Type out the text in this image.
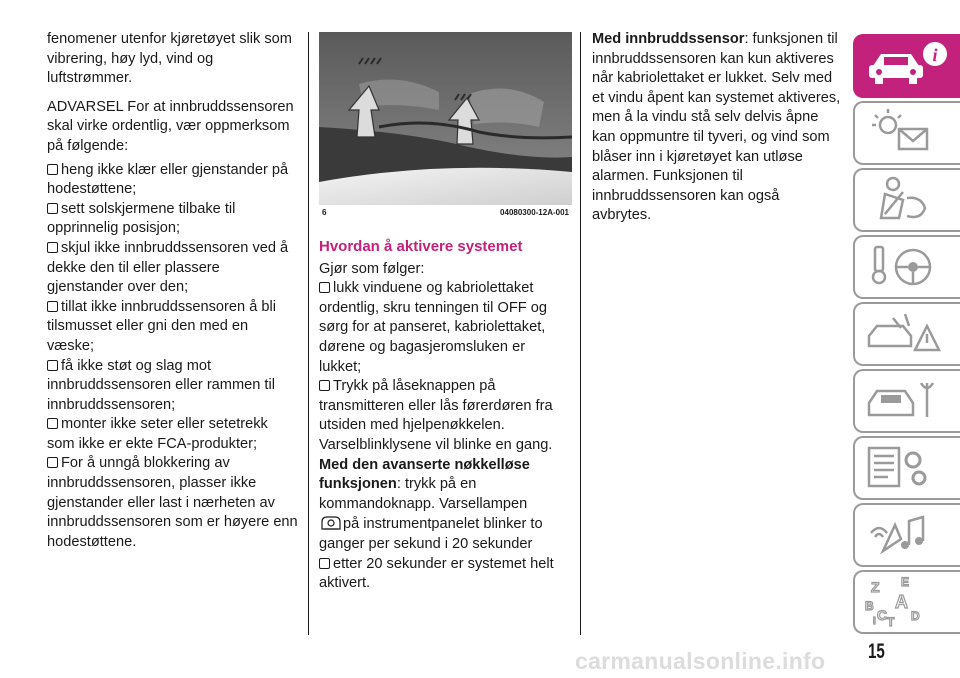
fenomener utenfor kjøretøyet slik som vibrering, høy lyd, vind og luftstrømmer.

ADVARSEL For at innbruddssensoren skal virke ordentlig, vær oppmerksom på følgende:

heng ikke klær eller gjenstander på hodestøttene;
sett solskjermene tilbake til opprinnelig posisjon;
skjul ikke innbruddssensoren ved å dekke den til eller plassere gjenstander over den;
tillat ikke innbruddssensoren å bli tilsmusset eller gni den med en væske;
få ikke støt og slag mot innbruddssensoren eller rammen til innbruddssensoren;
monter ikke seter eller setetrekk som ikke er ekte FCA-produkter;
For å unngå blokkering av innbruddssensoren, plasser ikke gjenstander eller last i nærheten av innbruddssensoren som er høyere enn hodestøttene.
6	04080300-12A-001
Hvordan å aktivere systemet
Gjør som følger:
lukk vinduene og kabriolettaket ordentlig, skru tenningen til OFF og sørg for at panseret, kabriolettaket, dørene og bagasjeromsluken er lukket;
Trykk på låseknappen på transmitteren eller lås førerdøren fra utsiden med hjelpenøkkelen.
Varselblinklysene vil blinke en gang.
Med den avanserte nøkkelløse funksjonen: trykk på en kommandoknapp. Varsellampen
på instrumentpanelet blinker to ganger per sekund i 20 sekunder
etter 20 sekunder er systemet helt aktivert.

Med innbruddssensor: funksjonen til innbruddssensoren kan kun aktiveres når kabriolettaket er lukket. Selv med et vindu åpent kan systemet aktiveres, men å la vindu stå selv delvis åpne kan oppmuntre til tyveri, og vind som blåser inn i kjøretøyet kan utløse alarmen. Funksjonen til innbruddssensoren kan også avbrytes.

i
Z E
B A
C T D
I
15
carmanualsonline.info
